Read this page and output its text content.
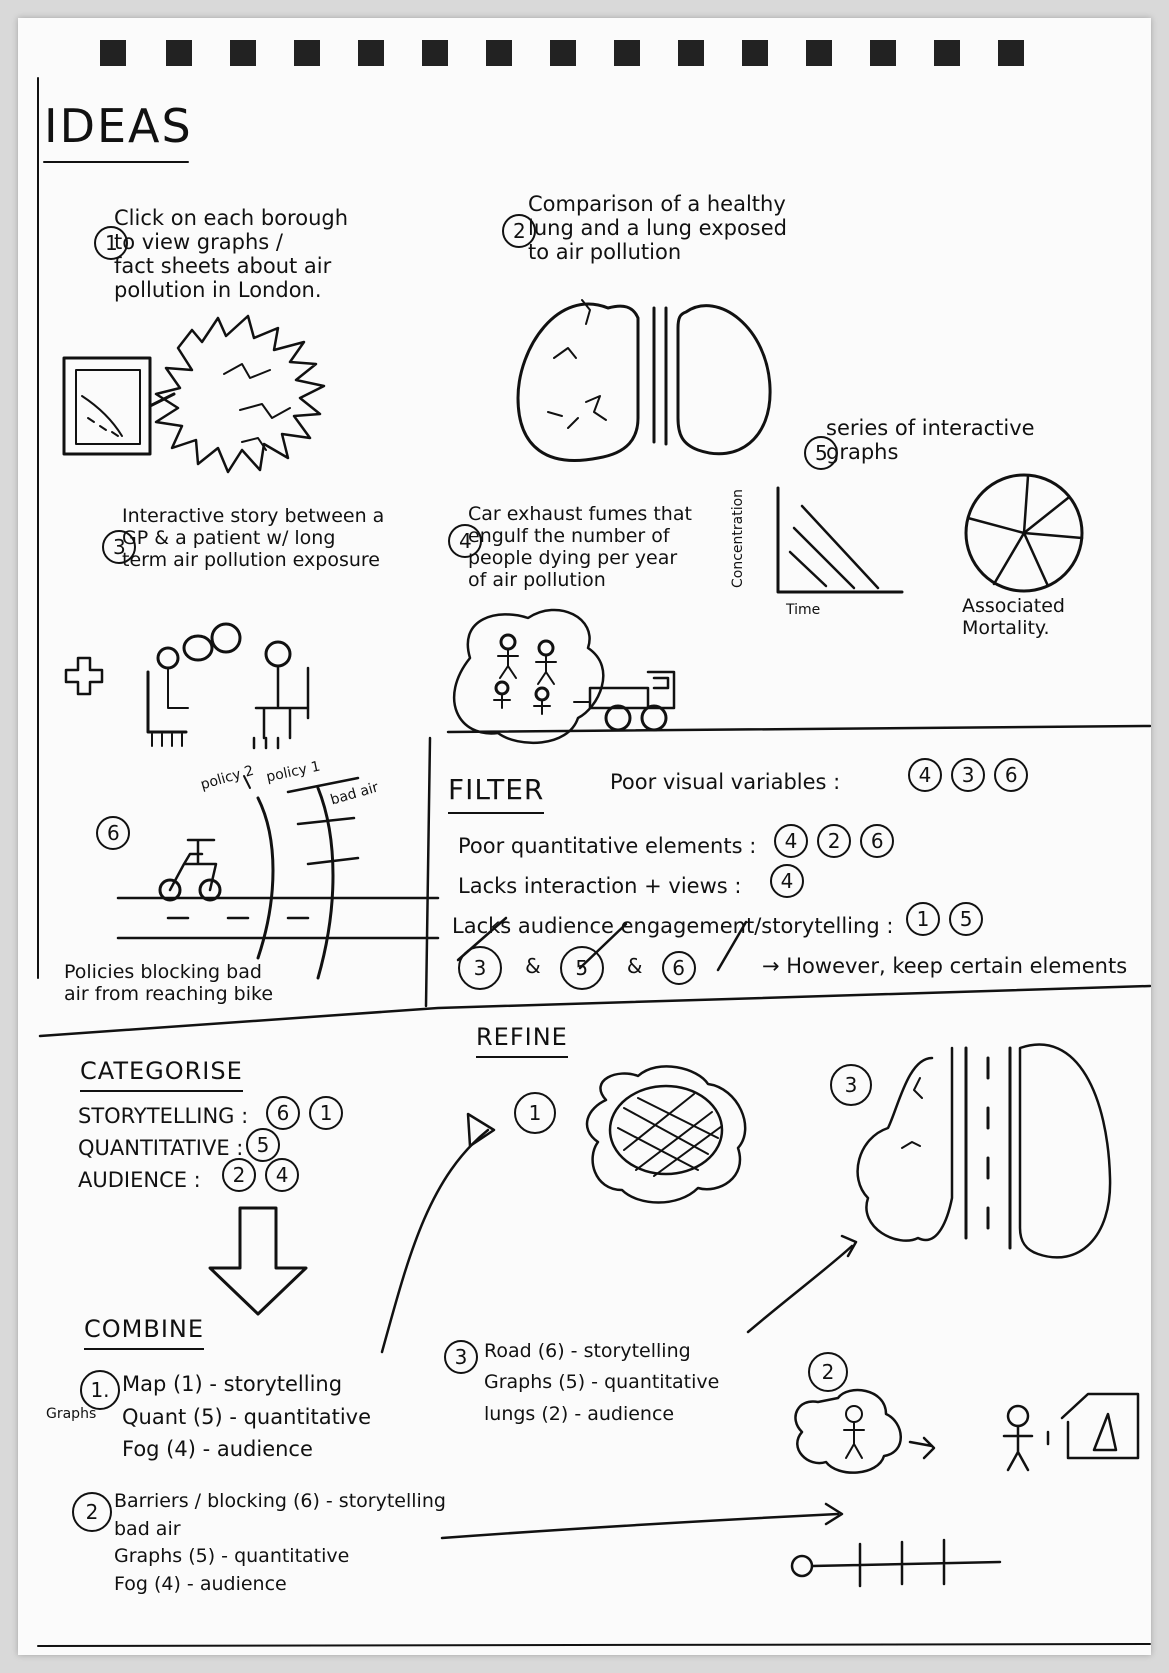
IDEAS

1

Click on each borough
to view graphs /
fact sheets about air
pollution in London.

2

Comparison of a healthy
lung and a lung exposed
to air pollution

5

series of interactive
graphs
Concentration
Time	Associated
Mortality.

3

Interactive story between a
GP & a patient w/ long
term air pollution exposure

4

Car exhaust fumes that
engulf the number of
people dying per year
of air pollution

6

policy 2 policy 1
bad air
Policies blocking bad
air from reaching bike
FILTER	Poor visual variables :	4 3 6
Poor quantitative elements :	4 2 6
Lacks interaction + views :	4
Lacks audience engagement/storytelling :	1 5
3 & 5 & 6	→ However, keep certain elements
CATEGORISE
STORYTELLING :	6 1
QUANTITATIVE : 5
AUDIENCE :	2 4
REFINE
1
3
2
COMBINE
1.
Graphs
Map (1) - storytelling
Quant (5) - quantitative
Fog (4) - audience
2 Barriers / blocking (6) - storytelling
bad air
Graphs (5) - quantitative
Fog (4) - audience
3 Road (6) - storytelling
Graphs (5) - quantitative
lungs (2) - audience
